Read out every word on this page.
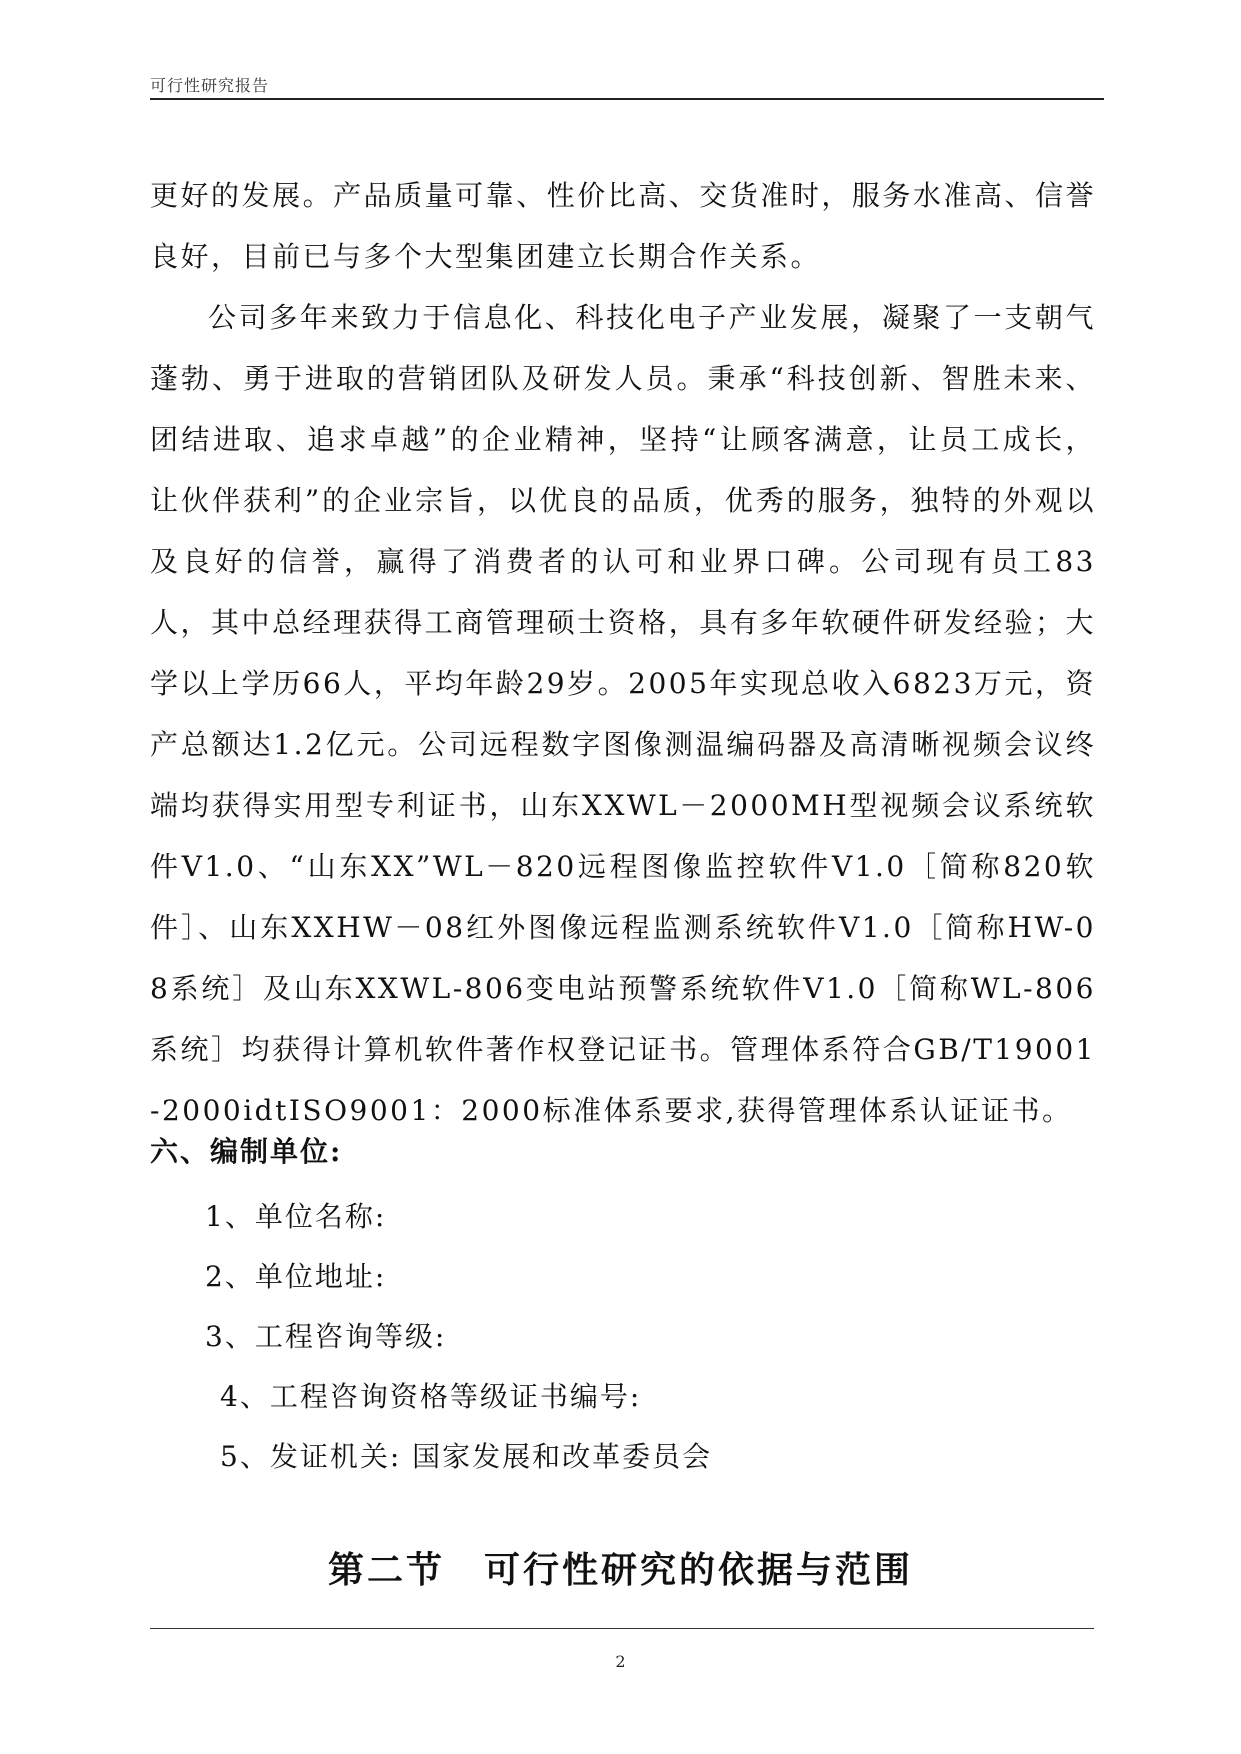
可行性研究报告

更好的发展。产品质量可靠、性价比高、交货准时，服务水准高、信誉良好，目前已与多个大型集团建立长期合作关系。

公司多年来致力于信息化、科技化电子产业发展，凝聚了一支朝气蓬勃、勇于进取的营销团队及研发人员。秉承“科技创新、智胜未来、团结进取、追求卓越”的企业精神，坚持“让顾客满意，让员工成长，让伙伴获利”的企业宗旨，以优良的品质，优秀的服务，独特的外观以及良好的信誉，赢得了消费者的认可和业界口碑。公司现有员工83人，其中总经理获得工商管理硕士资格，具有多年软硬件研发经验；大学以上学历66人，平均年龄29岁。2005年实现总收入6823万元，资产总额达1.2亿元。公司远程数字图像测温编码器及高清晰视频会议终端均获得实用型专利证书，山东XXWL－2000MH型视频会议系统软件V1.0、“山东XX”WL－820远程图像监控软件V1.0［简称820软件］、山东XXHW－08红外图像远程监测系统软件V1.0［简称HW-08系统］及山东XXWL-806变电站预警系统软件V1.0［简称WL-806系统］均获得计算机软件著作权登记证书。管理体系符合GB/T19001-2000idtISO9001：2000标准体系要求,获得管理体系认证证书。

六、编制单位:
1、单位名称:
2、单位地址:
3、工程咨询等级:
4、工程咨询资格等级证书编号:
5、发证机关: 国家发展和改革委员会
第二节　可行性研究的依据与范围
2
